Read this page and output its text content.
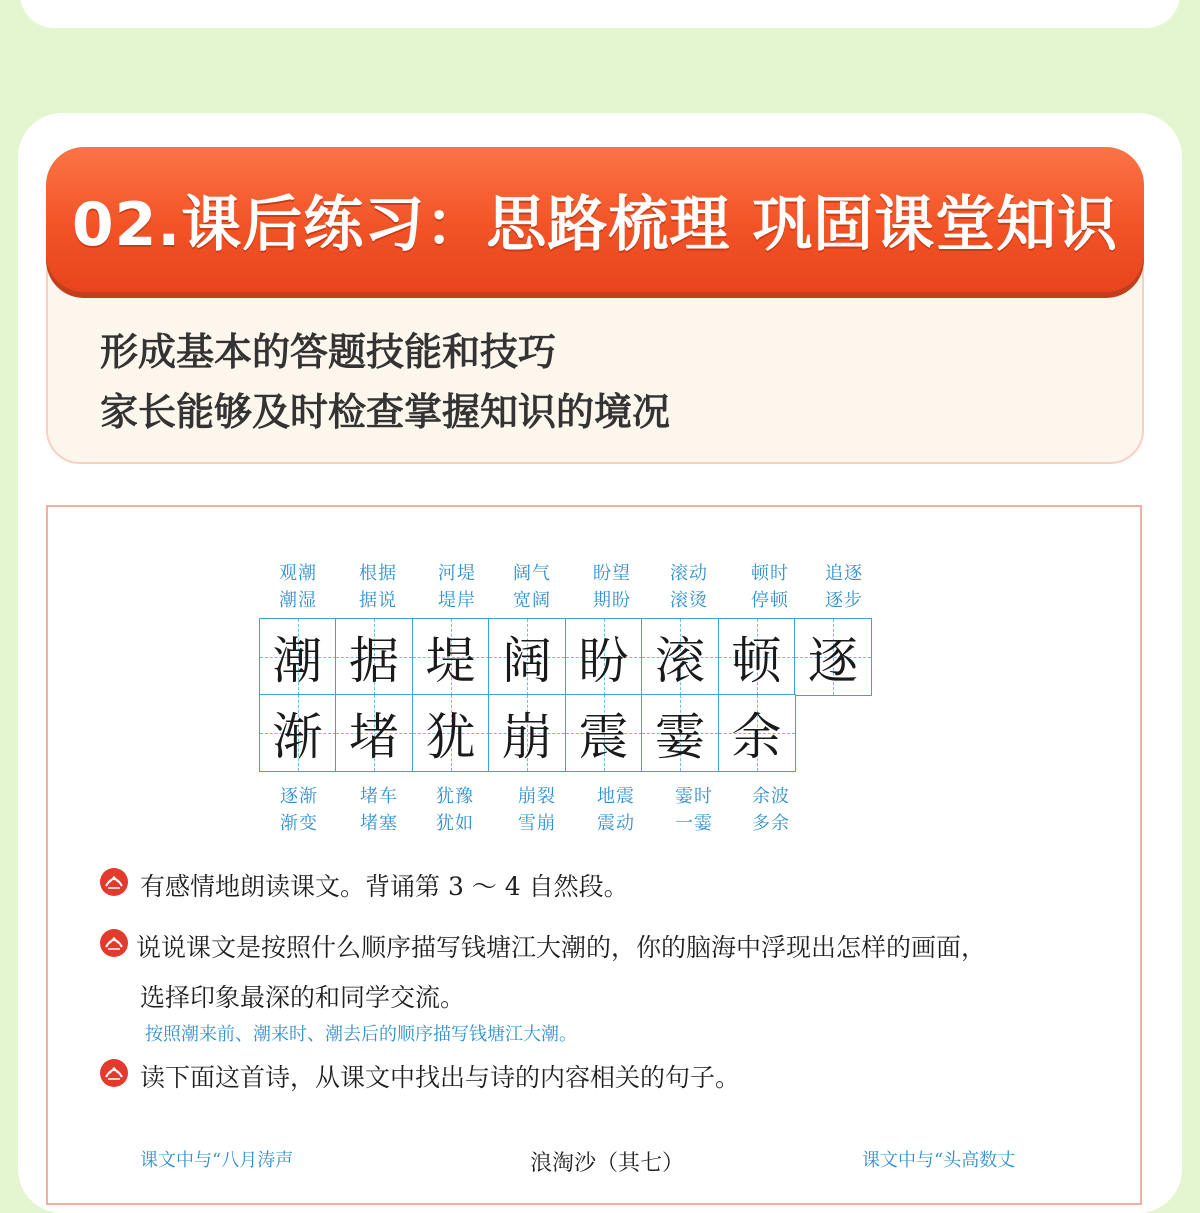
02.课后练习：思路梳理 巩固课堂知识
形成基本的答题技能和技巧
家长能够及时检查掌握知识的境况
观潮
潮湿
根据
据说
河堤
堤岸
阔气
宽阔
盼望
期盼
滚动
滚烫
顿时
停顿
追逐
逐步
潮 据 堤 阔 盼 滚 顿 逐
渐 堵 犹 崩 震 霎 余
逐渐
渐变
堵车
堵塞
犹豫
犹如
崩裂
雪崩
地震
震动
霎时
一霎
余波
多余
有感情地朗读课文。背诵第 3 ～ 4 自然段。
说说课文是按照什么顺序描写钱塘江大潮的，你的脑海中浮现出怎样的画面，
选择印象最深的和同学交流。
按照潮来前、潮来时、潮去后的顺序描写钱塘江大潮。
读下面这首诗，从课文中找出与诗的内容相关的句子。
课文中与“八月涛声	浪淘沙（其七）	课文中与“头高数丈
